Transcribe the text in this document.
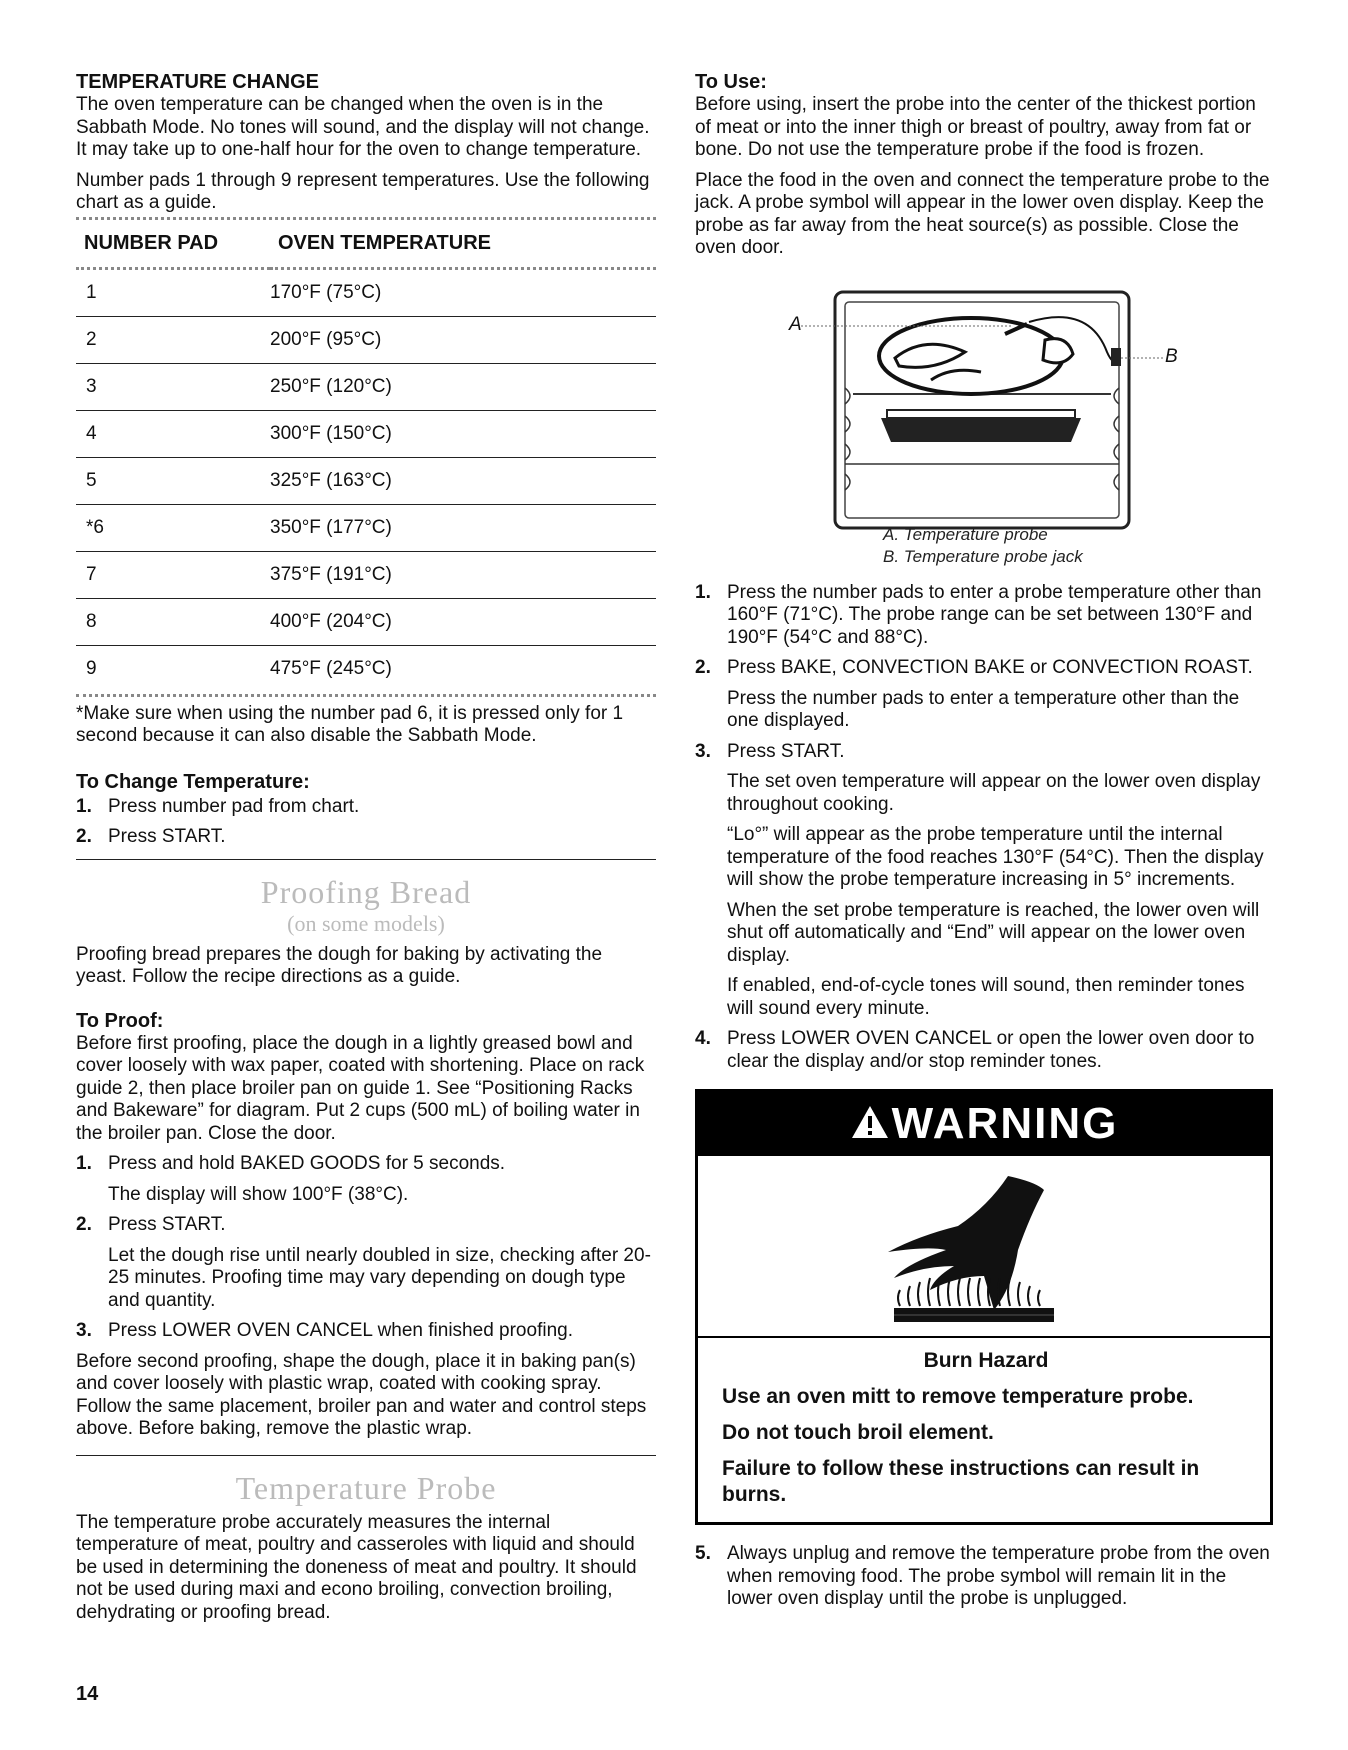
TEMPERATURE CHANGE

The oven temperature can be changed when the oven is in the Sabbath Mode. No tones will sound, and the display will not change. It may take up to one-half hour for the oven to change temperature.

Number pads 1 through 9 represent temperatures. Use the following chart as a guide.

NUMBER PAD	OVEN TEMPERATURE

1	170°F (75°C)
2	200°F (95°C)
3	250°F (120°C)
4	300°F (150°C)
5	325°F (163°C)
*6	350°F (177°C)
7	375°F (191°C)
8	400°F (204°C)
9	475°F (245°C)

*Make sure when using the number pad 6, it is pressed only for 1 second because it can also disable the Sabbath Mode.

To Change Temperature:
1. Press number pad from chart.
2. Press START.
Proofing Bread
(on some models)

Proofing bread prepares the dough for baking by activating the yeast. Follow the recipe directions as a guide.

To Proof:

Before first proofing, place the dough in a lightly greased bowl and cover loosely with wax paper, coated with shortening. Place on rack guide 2, then place broiler pan on guide 1. See “Positioning Racks and Bakeware” for diagram. Put 2 cups (500 mL) of boiling water in the broiler pan. Close the door.

1. Press and hold BAKED GOODS for 5 seconds.

The display will show 100°F (38°C).

2. Press START.

Let the dough rise until nearly doubled in size, checking after 20-25 minutes. Proofing time may vary depending on dough type and quantity.

3. Press LOWER OVEN CANCEL when finished proofing.

Before second proofing, shape the dough, place it in baking pan(s) and cover loosely with plastic wrap, coated with cooking spray. Follow the same placement, broiler pan and water and control steps above. Before baking, remove the plastic wrap.

Temperature Probe

The temperature probe accurately measures the internal temperature of meat, poultry and casseroles with liquid and should be used in determining the doneness of meat and poultry. It should not be used during maxi and econo broiling, convection broiling, dehydrating or proofing bread.

To Use:

Before using, insert the probe into the center of the thickest portion of meat or into the inner thigh or breast of poultry, away from fat or bone. Do not use the temperature probe if the food is frozen.

Place the food in the oven and connect the temperature probe to the jack. A probe symbol will appear in the lower oven display. Keep the probe as far away from the heat source(s) as possible. Close the oven door.

A
B
A. Temperature probe
B. Temperature probe jack
1. Press the number pads to enter a probe temperature other than 160°F (71°C). The probe range can be set between 130°F and 190°F (54°C and 88°C).

2. Press BAKE, CONVECTION BAKE or CONVECTION ROAST.

Press the number pads to enter a temperature other than the one displayed.

3. Press START.

The set oven temperature will appear on the lower oven display throughout cooking.

“Lo°” will appear as the probe temperature until the internal temperature of the food reaches 130°F (54°C). Then the display will show the probe temperature increasing in 5° increments.

When the set probe temperature is reached, the lower oven will shut off automatically and “End” will appear on the lower oven display.

If enabled, end-of-cycle tones will sound, then reminder tones will sound every minute.

4. Press LOWER OVEN CANCEL or open the lower oven door to clear the display and/or stop reminder tones.

WARNING

Burn Hazard

Use an oven mitt to remove temperature probe.

Do not touch broil element.

Failure to follow these instructions can result in burns.

5. Always unplug and remove the temperature probe from the oven when removing food. The probe symbol will remain lit in the lower oven display until the probe is unplugged.
14
